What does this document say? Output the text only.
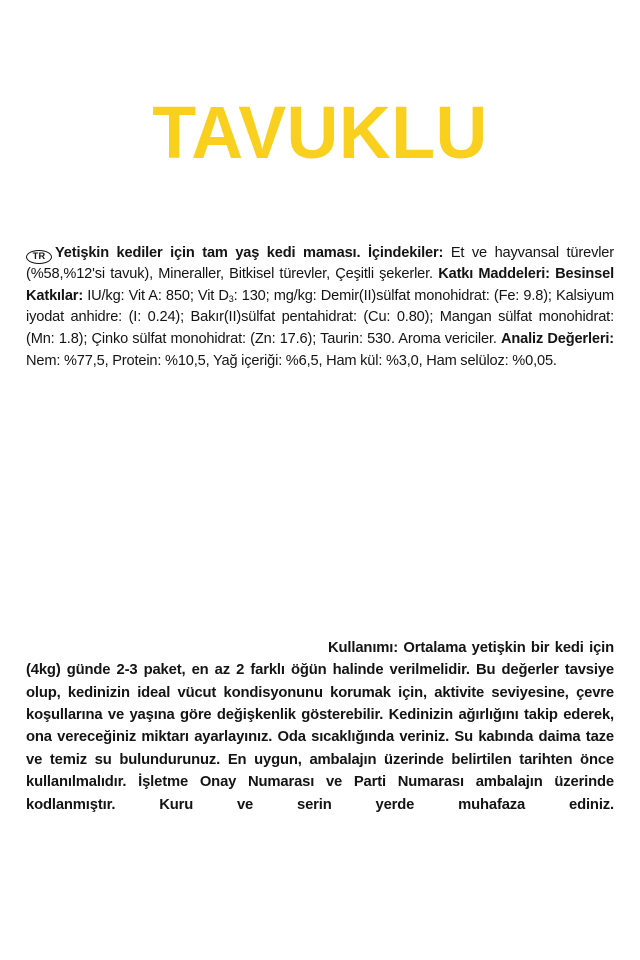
TAVUKLU

TR Yetişkin kediler için tam yaş kedi maması. İçindekiler: Et ve hayvansal türevler (%58,%12'si tavuk), Mineraller, Bitkisel türevler, Çeşitli şekerler. Katkı Maddeleri: Besinsel Katkılar: IU/kg: Vit A: 850; Vit $D_3$: 130; mg/kg: Demir(II)sülfat monohidrat: (Fe: 9.8); Kalsiyum iyodat anhidre: (I: 0.24); Bakır(II)sülfat pentahidrat: (Cu: 0.80); Mangan sülfat monohidrat: (Mn: 1.8); Çinko sülfat monohidrat: (Zn: 17.6); Taurin: 530. Aroma vericiler. Analiz Değerleri: Nem: %77,5, Protein: %10,5, Yağ içeriği: %6,5, Ham kül: %3,0, Ham selüloz: %0,05.

Kullanımı: Ortalama yetişkin bir kedi için (4kg) günde 2-3 paket, en az 2 farklı öğün halinde verilmelidir. Bu değerler tavsiye olup, kedinizin ideal vücut kondisyonunu korumak için, aktivite seviyesine, çevre koşullarına ve yaşına göre değişkenlik gösterebilir. Kedinizin ağırlığını takip ederek, ona vereceğiniz miktarı ayarlayınız. Oda sıcaklığında veriniz. Su kabında daima taze ve temiz su bulundurunuz. En uygun, ambalajın üzerinde belirtilen tarihten önce kullanılmalıdır. İşletme Onay Numarası ve Parti Numarası ambalajın üzerinde kodlanmıştır. Kuru ve serin yerde muhafaza ediniz.
